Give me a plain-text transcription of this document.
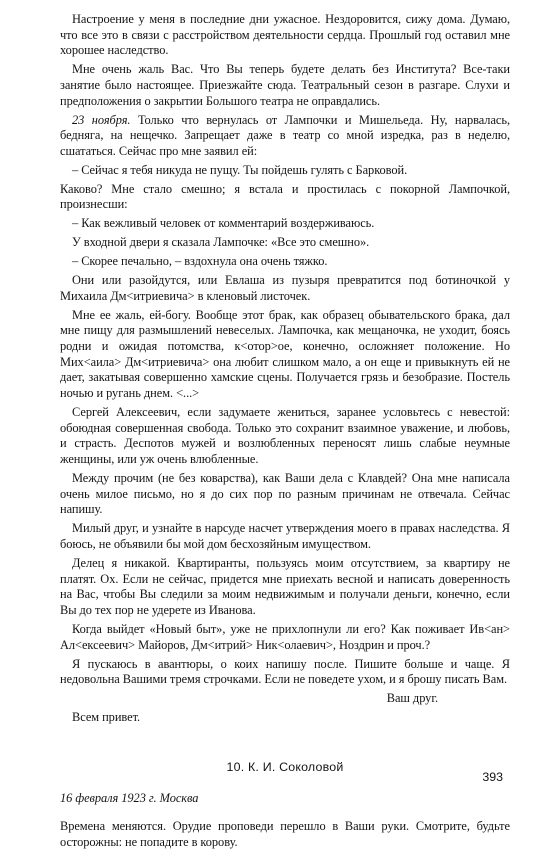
Настроение у меня в последние дни ужасное. Нездоровится, сижу дома. Думаю, что все это в связи с расстройством деятельности сердца. Прошлый год оставил мне хорошее наследство.

Мне очень жаль Вас. Что Вы теперь будете делать без Института? Все-таки занятие было настоящее. Приезжайте сюда. Театральный сезон в разгаре. Слухи и предположения о закрытии Большого театра не оправдались.

23 ноября. Только что вернулась от Лампочки и Мишельеда. Ну, нарвалась, бедняга, на нещечко. Запрещает даже в театр со мной изредка, раз в неделю, сшататься. Сейчас про мне заявил ей:

– Сейчас я тебя никуда не пущу. Ты пойдешь гулять с Барковой.

Каково? Мне стало смешно; я встала и простилась с покорной Лампочкой, произнесши:

– Как вежливый человек от комментарий воздерживаюсь.

У входной двери я сказала Лампочке: «Все это смешно».

– Скорее печально, – вздохнула она очень тяжко.

Они или разойдутся, или Евлаша из пузыря превратится под ботиночкой у Михаила Дм<итриевича> в кленовый листочек.

Мне ее жаль, ей-богу. Вообще этот брак, как образец обывательского брака, дал мне пищу для размышлений невеселых. Лампочка, как мещаночка, не уходит, боясь родни и ожидая потомства, к<отор>ое, конечно, осложняет положение. Но Мих<аила> Дм<итриевича> она любит слишком мало, а он еще и привыкнуть ей не дает, закатывая совершенно хамские сцены. Получается грязь и безобразие. Постель ночью и ругань днем. <...>

Сергей Алексеевич, если задумаете жениться, заранее условьтесь с невестой: обоюдная совершенная свобода. Только это сохранит взаимное уважение, и любовь, и страсть. Деспотов мужей и возлюбленных переносят лишь слабые неумные женщины, или уж очень влюбленные.

Между прочим (не без коварства), как Ваши дела с Клавдей? Она мне написала очень милое письмо, но я до сих пор по разным причинам не отвечала. Сейчас напишу.

Милый друг, и узнайте в нарсуде насчет утверждения моего в правах наследства. Я боюсь, не объявили бы мой дом бесхозяйным имуществом.

Делец я никакой. Квартиранты, пользуясь моим отсутствием, за квартиру не платят. Ох. Если не сейчас, придется мне приехать весной и написать доверенность на Вас, чтобы Вы следили за моим недвижимым и получали деньги, конечно, если Вы до тех пор не удерете из Иванова.

Когда выйдет «Новый быт», уже не прихлопнули ли его? Как поживает Ив<ан> Ал<ексеевич> Майоров, Дм<итрий> Ник<олаевич>, Ноздрин и проч.?

Я пускаюсь в авантюры, о коих напишу после. Пишите больше и чаще. Я недовольна Вашими тремя строчками. Если не поведете ухом, и я брошу писать Вам.

Ваш друг.

Всем привет.

10. К. И. Соколовой

16 февраля 1923 г. Москва

Времена меняются. Орудие проповеди перешло в Ваши руки. Смотрите, будьте осторожны: не попадите в корову.

393
